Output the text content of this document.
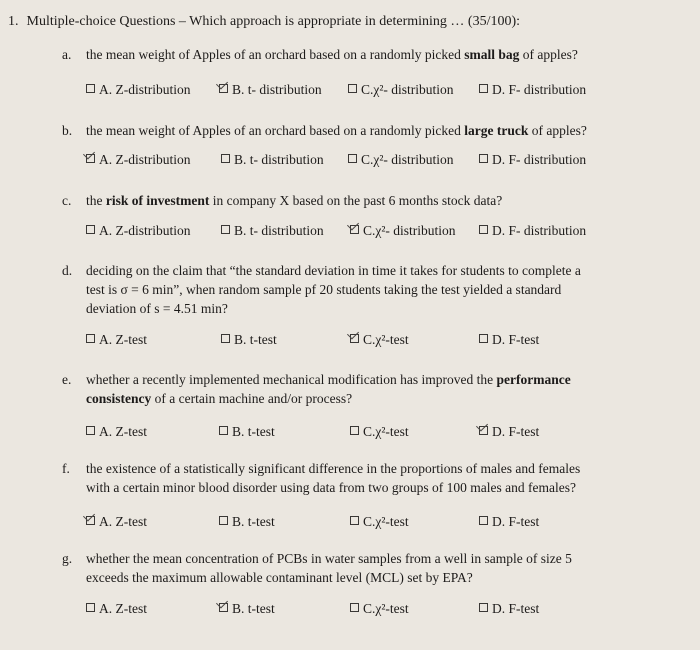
1. Multiple-choice Questions – Which approach is appropriate in determining … (35/100):
a. the mean weight of Apples of an orchard based on a randomly picked small bag of apples?
A. Z-distribution	B. t- distribution	C.χ²- distribution	D. F- distribution
b. the mean weight of Apples of an orchard based on a randomly picked large truck of apples?
A. Z-distribution	B. t- distribution	C.χ²- distribution	D. F- distribution
c. the risk of investment in company X based on the past 6 months stock data?
A. Z-distribution	B. t- distribution	C.χ²- distribution	D. F- distribution
d. deciding on the claim that “the standard deviation in time it takes for students to complete a
test is σ = 6 min”, when random sample pf 20 students taking the test yielded a standard
deviation of s = 4.51 min?
A. Z-test	B. t-test	C.χ²-test	D. F-test
e. whether a recently implemented mechanical modification has improved the performance
consistency of a certain machine and/or process?
A. Z-test	B. t-test	C.χ²-test	D. F-test
f. the existence of a statistically significant difference in the proportions of males and females
with a certain minor blood disorder using data from two groups of 100 males and females?
A. Z-test	B. t-test	C.χ²-test	D. F-test
g. whether the mean concentration of PCBs in water samples from a well in sample of size 5
exceeds the maximum allowable contaminant level (MCL) set by EPA?
A. Z-test	B. t-test	C.χ²-test	D. F-test
